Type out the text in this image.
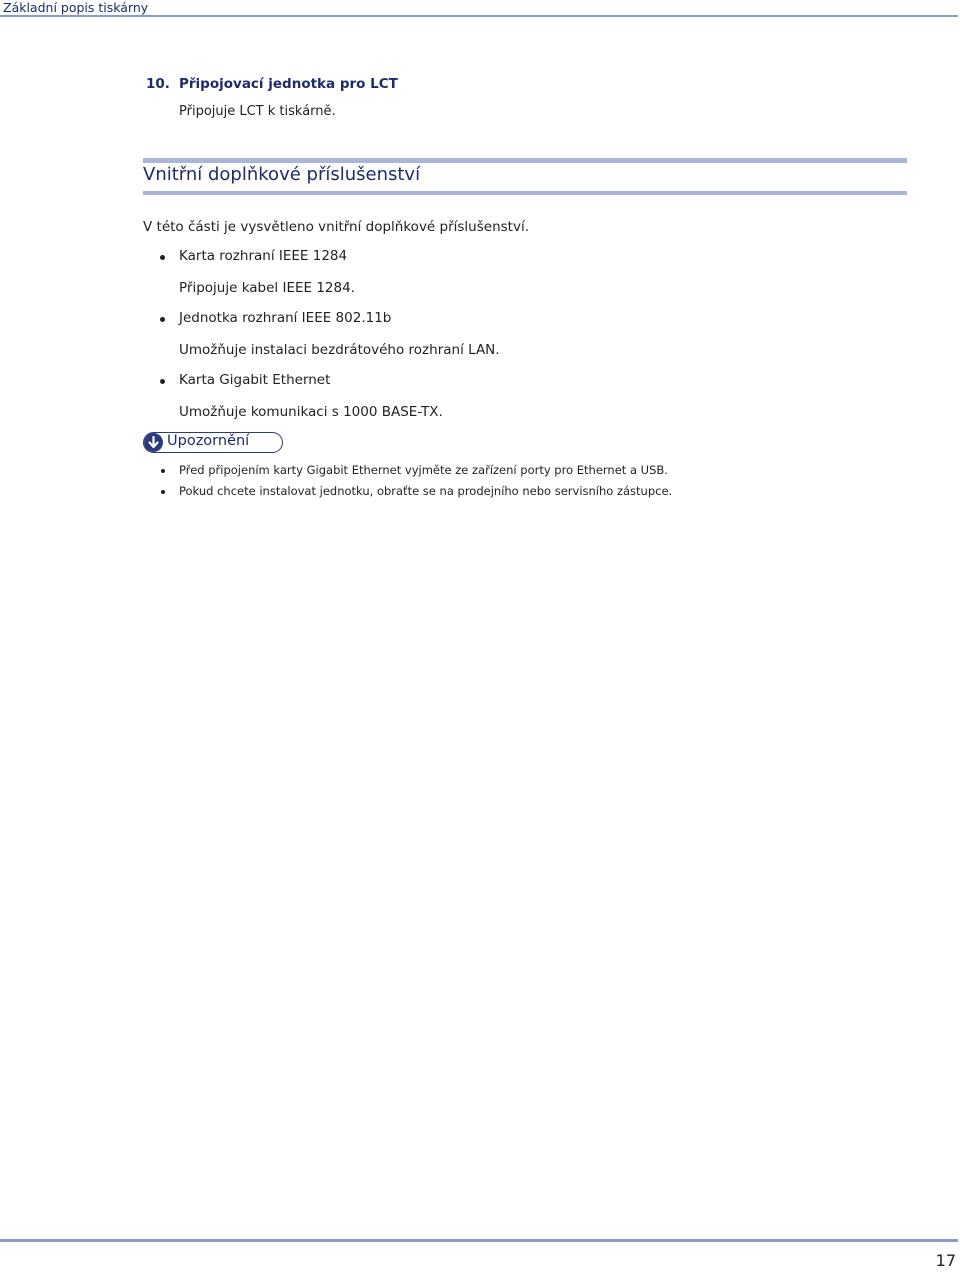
Základní popis tiskárny
10. Připojovací jednotka pro LCT
Připojuje LCT k tiskárně.
Vnitřní doplňkové příslušenství
V této části je vysvětleno vnitřní doplňkové příslušenství.
Karta rozhraní IEEE 1284
Připojuje kabel IEEE 1284.
Jednotka rozhraní IEEE 802.11b
Umožňuje instalaci bezdrátového rozhraní LAN.
Karta Gigabit Ethernet
Umožňuje komunikaci s 1000 BASE-TX.
Upozornění
Před připojením karty Gigabit Ethernet vyjměte ze zařízení porty pro Ethernet a USB.
Pokud chcete instalovat jednotku, obraťte se na prodejního nebo servisního zástupce.
17
